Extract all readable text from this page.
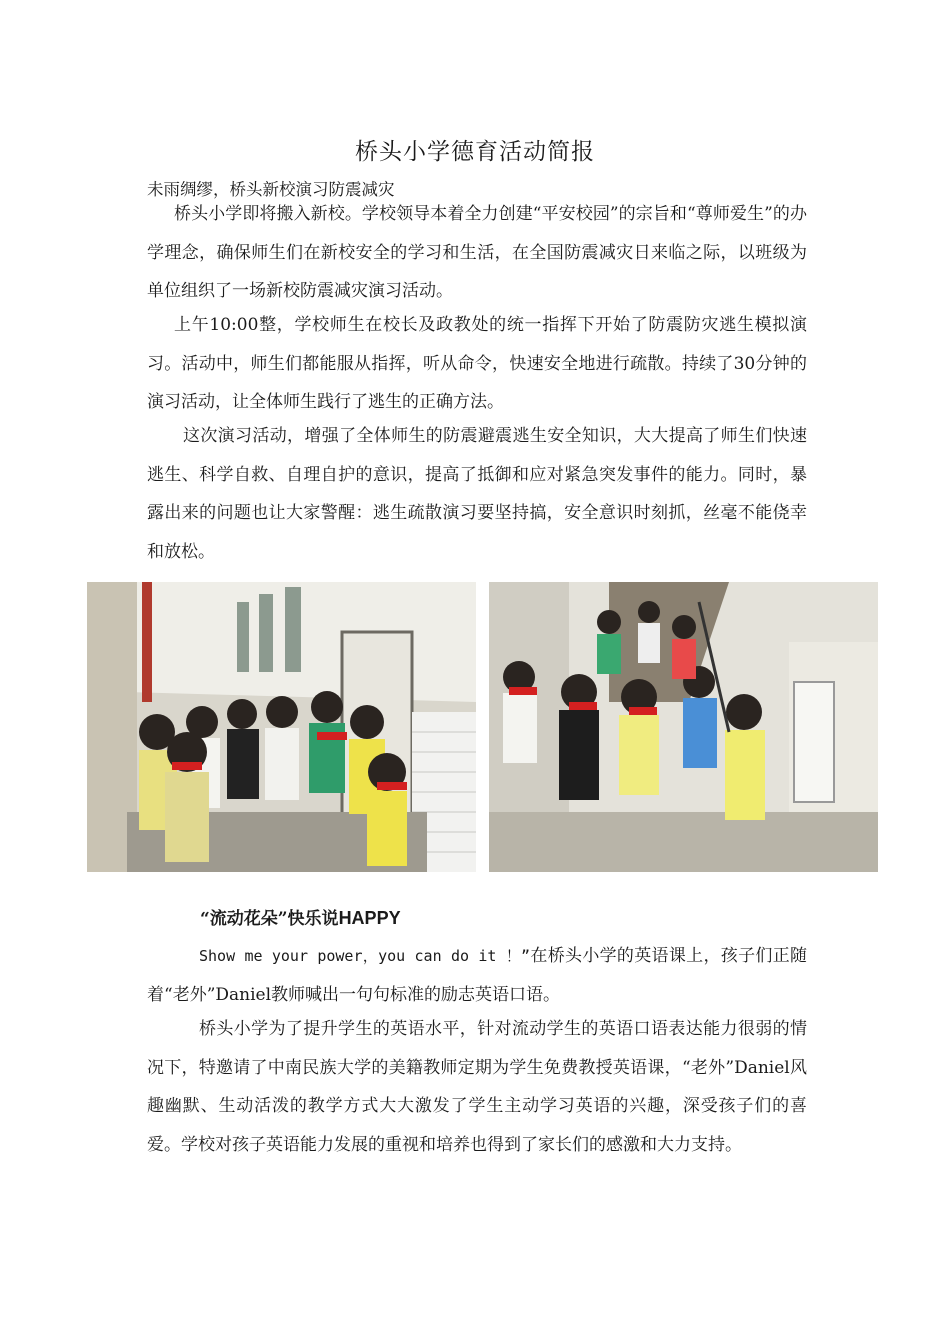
桥头小学德育活动简报
未雨绸缪，桥头新校演习防震减灾

桥头小学即将搬入新校。学校领导本着全力创建“平安校园”的宗旨和“尊师爱生”的办学理念，确保师生们在新校安全的学习和生活，在全国防震减灾日来临之际，以班级为单位组织了一场新校防震减灾演习活动。

上午10:00整，学校师生在校长及政教处的统一指挥下开始了防震防灾逃生模拟演习。活动中，师生们都能服从指挥，听从命令，快速安全地进行疏散。持续了30分钟的演习活动，让全体师生践行了逃生的正确方法。

这次演习活动，增强了全体师生的防震避震逃生安全知识，大大提高了师生们快速逃生、科学自救、自理自护的意识，提高了抵御和应对紧急突发事件的能力。同时，暴露出来的问题也让大家警醒：逃生疏散演习要坚持搞，安全意识时刻抓，丝毫不能侥幸和放松。

“流动花朵”快乐说HAPPY

Show me your power，you can do it ！”在桥头小学的英语课上，孩子们正随着“老外”Daniel教师喊出一句句标准的励志英语口语。

桥头小学为了提升学生的英语水平，针对流动学生的英语口语表达能力很弱的情况下，特邀请了中南民族大学的美籍教师定期为学生免费教授英语课，“老外”Daniel风趣幽默、生动活泼的教学方式大大激发了学生主动学习英语的兴趣，深受孩子们的喜爱。学校对孩子英语能力发展的重视和培养也得到了家长们的感激和大力支持。
